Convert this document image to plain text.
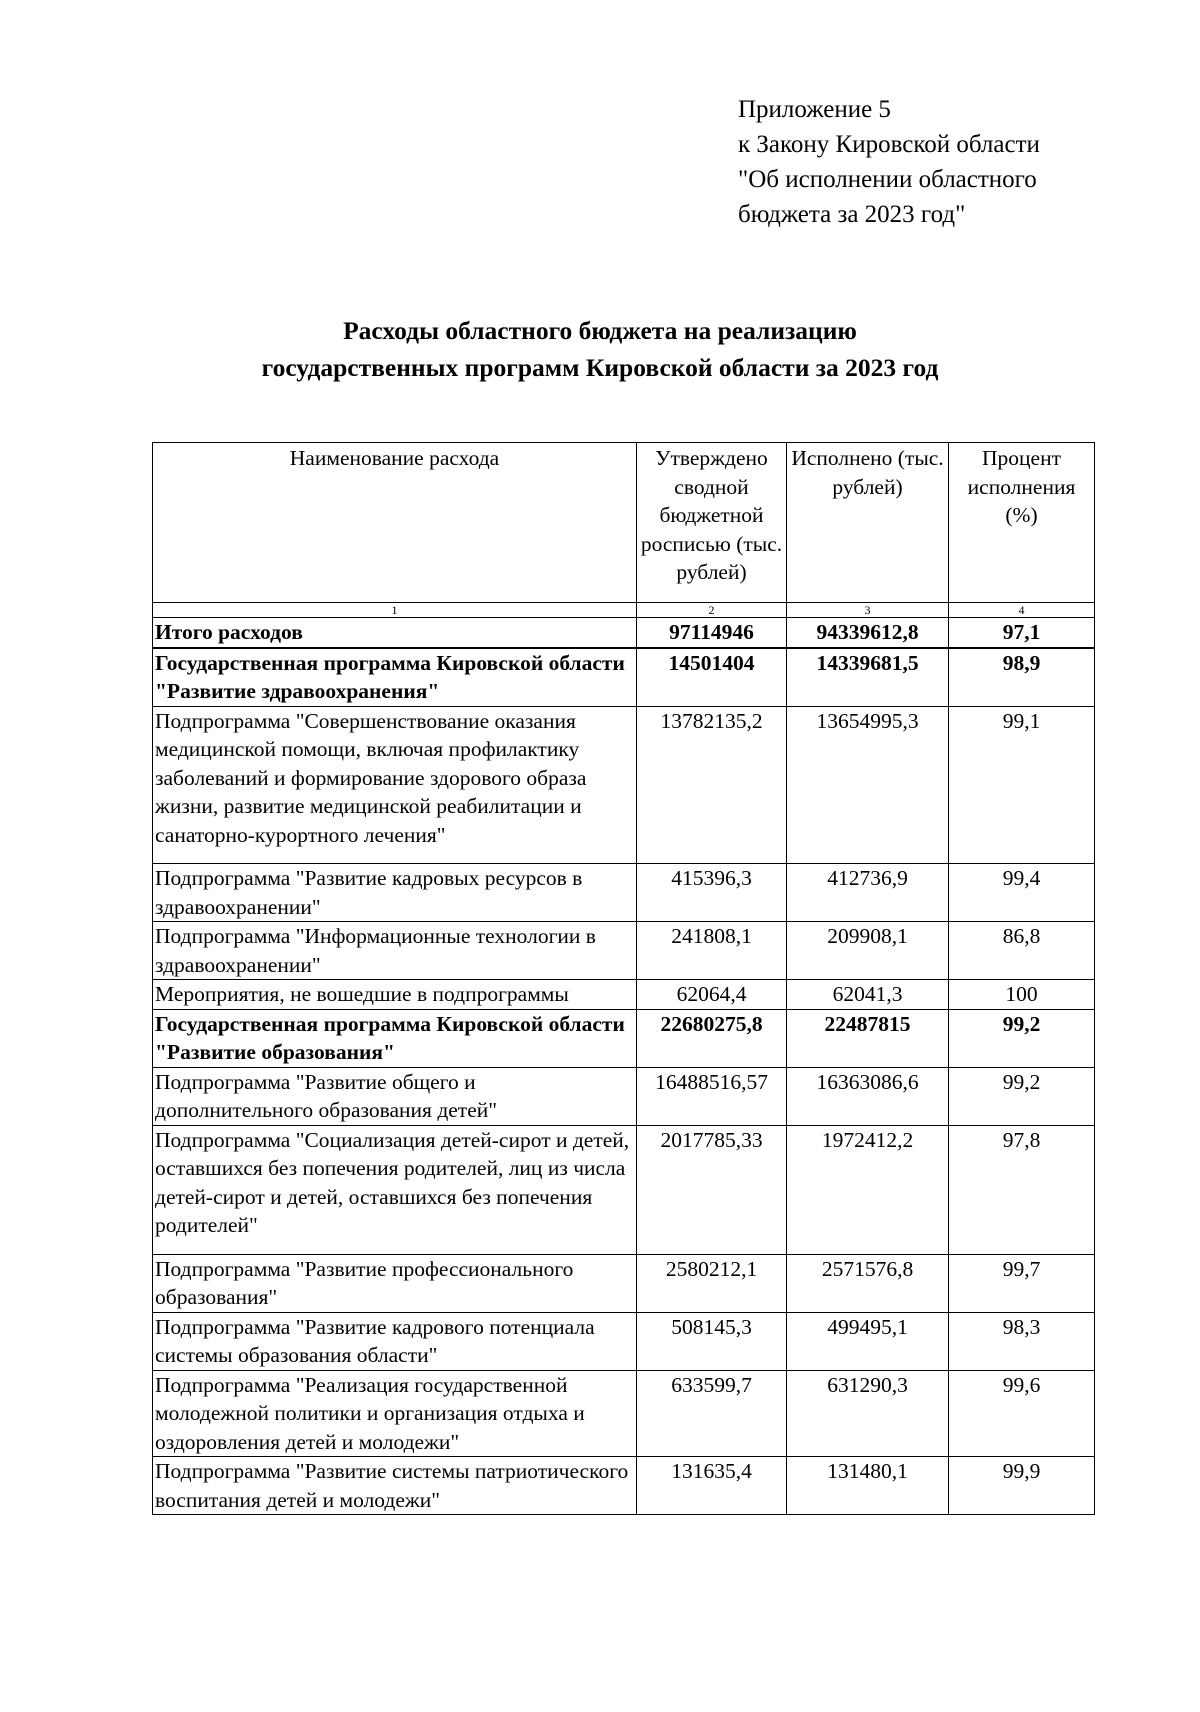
Приложение 5
к Закону Кировской области
"Об исполнении областного
бюджета за 2023 год"
Расходы областного бюджета на реализацию
государственных программ Кировской области за 2023 год
Наименование расхода	Утверждено сводной бюджетной росписью (тыс. рублей)	Исполнено (тыс. рублей)	Процент исполнения (%)
1	2	3	4
Итого расходов	97114946	94339612,8	97,1
Государственная программа Кировской области "Развитие здравоохранения"	14501404	14339681,5	98,9
Подпрограмма "Совершенствование оказания медицинской помощи, включая профилактику заболеваний и формирование здорового образа жизни, развитие медицинской реабилитации и санаторно-курортного лечения"	13782135,2	13654995,3	99,1
Подпрограмма "Развитие кадровых ресурсов в здравоохранении"	415396,3	412736,9	99,4
Подпрограмма "Информационные технологии в здравоохранении"	241808,1	209908,1	86,8
Мероприятия, не вошедшие в подпрограммы	62064,4	62041,3	100
Государственная программа Кировской области "Развитие образования"	22680275,8	22487815	99,2
Подпрограмма "Развитие общего и дополнительного образования детей"	16488516,57	16363086,6	99,2
Подпрограмма "Социализация детей-сирот и детей, оставшихся без попечения родителей, лиц из числа детей-сирот и детей, оставшихся без попечения родителей"	2017785,33	1972412,2	97,8
Подпрограмма "Развитие профессионального образования"	2580212,1	2571576,8	99,7
Подпрограмма "Развитие кадрового потенциала системы образования области"	508145,3	499495,1	98,3
Подпрограмма "Реализация государственной молодежной политики и организация отдыха и оздоровления детей и молодежи"	633599,7	631290,3	99,6
Подпрограмма "Развитие системы патриотического воспитания детей и молодежи"	131635,4	131480,1	99,9
